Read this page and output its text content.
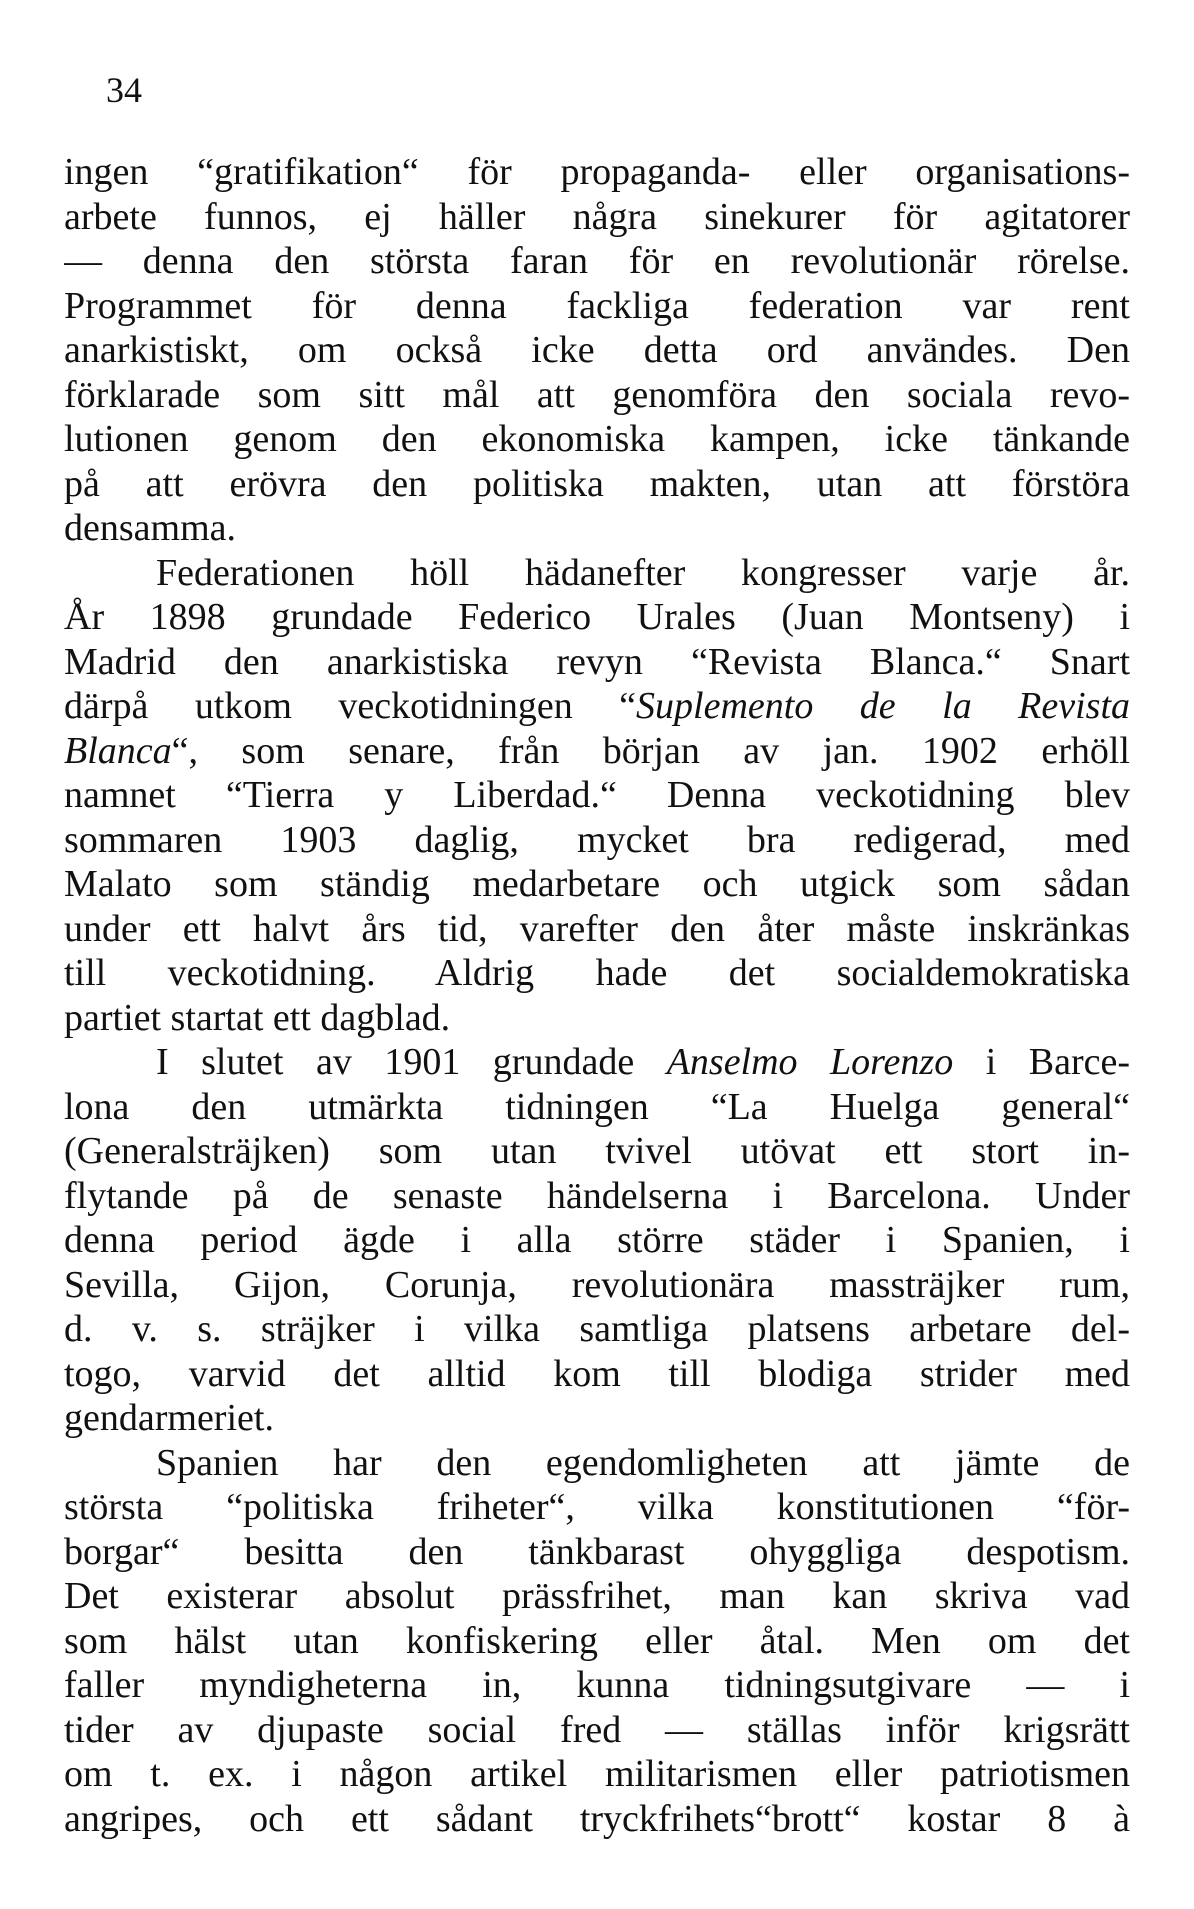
34
ingen “gratifikation“ för propaganda- eller organisations-
arbete funnos, ej häller några sinekurer för agitatorer
— denna den största faran för en revolutionär rörelse.
Programmet för denna fackliga federation var rent
anarkistiskt, om också icke detta ord användes. Den
förklarade som sitt mål att genomföra den sociala revo-
lutionen genom den ekonomiska kampen, icke tänkande
på att erövra den politiska makten, utan att förstöra
densamma.
Federationen höll hädanefter kongresser varje år.
År 1898 grundade Federico Urales (Juan Montseny) i
Madrid den anarkistiska revyn “Revista Blanca.“ Snart
därpå utkom veckotidningen “Suplemento de la Revista
Blanca“, som senare, från början av jan. 1902 erhöll
namnet “Tierra y Liberdad.“ Denna veckotidning blev
sommaren 1903 daglig, mycket bra redigerad, med
Malato som ständig medarbetare och utgick som sådan
under ett halvt års tid, varefter den åter måste inskränkas
till veckotidning. Aldrig hade det socialdemokratiska
partiet startat ett dagblad.
I slutet av 1901 grundade Anselmo Lorenzo i Barce-
lona den utmärkta tidningen “La Huelga general“
(Generalsträjken) som utan tvivel utövat ett stort in-
flytande på de senaste händelserna i Barcelona. Under
denna period ägde i alla större städer i Spanien, i
Sevilla, Gijon, Corunja, revolutionära massträjker rum,
d. v. s. sträjker i vilka samtliga platsens arbetare del-
togo, varvid det alltid kom till blodiga strider med
gendarmeriet.
Spanien har den egendomligheten att jämte de
största “politiska friheter“, vilka konstitutionen “för-
borgar“ besitta den tänkbarast ohyggliga despotism.
Det existerar absolut prässfrihet, man kan skriva vad
som hälst utan konfiskering eller åtal. Men om det
faller myndigheterna in, kunna tidningsutgivare — i
tider av djupaste social fred — ställas inför krigsrätt
om t. ex. i någon artikel militarismen eller patriotismen
angripes, och ett sådant tryckfrihets“brott“ kostar 8 à
